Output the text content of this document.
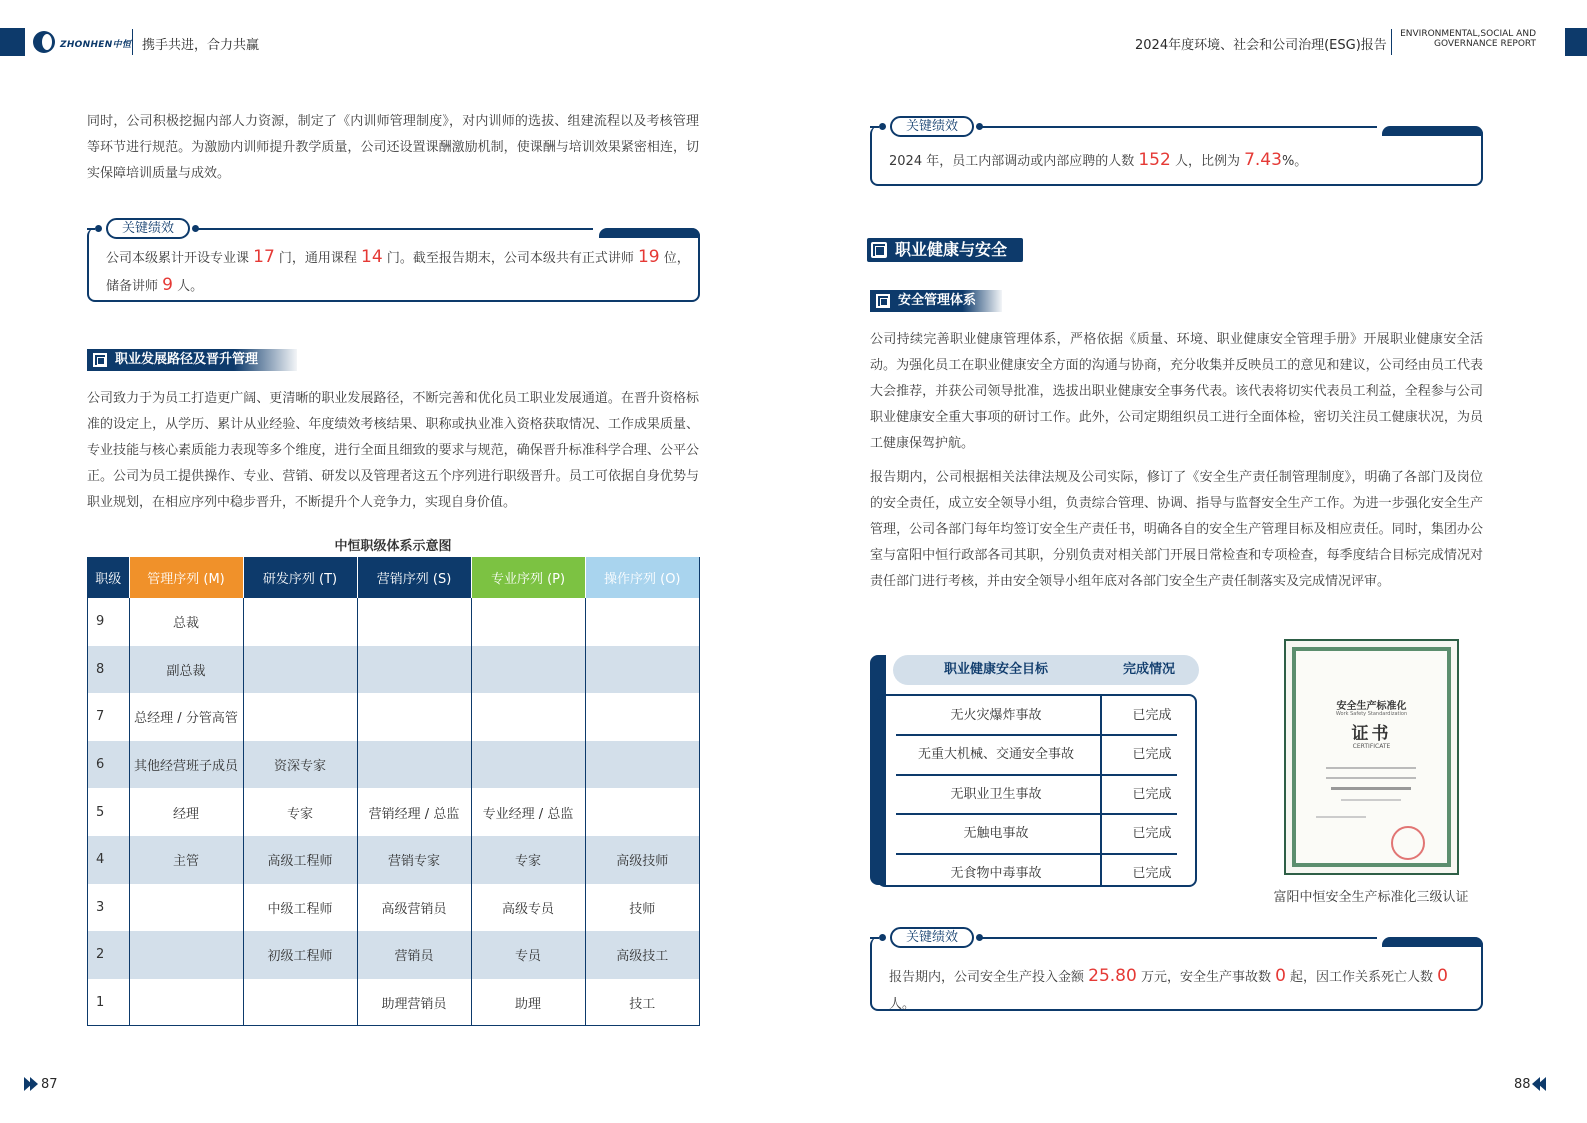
ZHONHEN中恒 携手共进，合力共赢	2024年度环境、社会和公司治理(ESG)报告
ENVIRONMENTAL,SOCIAL AND
GOVERNANCE REPORT
同时，公司积极挖掘内部人力资源，制定了《内训师管理制度》，对内训师的选拔、组建流程以及考核管理等环节进行规范。为激励内训师提升教学质量，公司还设置课酬激励机制，使课酬与培训效果紧密相连，切实保障培训质量与成效。
关键绩效
公司本级累计开设专业课 17 门，通用课程 14 门。截至报告期末，公司本级共有正式讲师 19 位，储备讲师 9 人。
职业发展路径及晋升管理
公司致力于为员工打造更广阔、更清晰的职业发展路径，不断完善和优化员工职业发展通道。在晋升资格标准的设定上，从学历、累计从业经验、年度绩效考核结果、职称或执业准入资格获取情况、工作成果质量、专业技能与核心素质能力表现等多个维度，进行全面且细致的要求与规范，确保晋升标准科学合理、公平公正。公司为员工提供操作、专业、营销、研发以及管理者这五个序列进行职级晋升。员工可依据自身优势与职业规划，在相应序列中稳步晋升，不断提升个人竞争力，实现自身价值。
中恒职级体系示意图
职级	管理序列 (M)	研发序列 (T)	营销序列 (S)	专业序列 (P)	操作序列 (O)
9	总裁				
8	副总裁				
7	总经理 / 分管高管				
6	其他经营班子成员	资深专家			
5	经理	专家	营销经理 / 总监	专业经理 / 总监	
4	主管	高级工程师	营销专家	专家	高级技师
3		中级工程师	高级营销员	高级专员	技师
2		初级工程师	营销员	专员	高级技工
1			助理营销员	助理	技工
87
关键绩效
2024 年，员工内部调动或内部应聘的人数 152 人，比例为 7.43%。
职业健康与安全
安全管理体系
公司持续完善职业健康管理体系，严格依据《质量、环境、职业健康安全管理手册》开展职业健康安全活动。为强化员工在职业健康安全方面的沟通与协商，充分收集并反映员工的意见和建议，公司经由员工代表大会推荐，并获公司领导批准，选拔出职业健康安全事务代表。该代表将切实代表员工利益，全程参与公司职业健康安全重大事项的研讨工作。此外，公司定期组织员工进行全面体检，密切关注员工健康状况，为员工健康保驾护航。
报告期内，公司根据相关法律法规及公司实际，修订了《安全生产责任制管理制度》，明确了各部门及岗位的安全责任，成立安全领导小组，负责综合管理、协调、指导与监督安全生产工作。为进一步强化安全生产管理，公司各部门每年均签订安全生产责任书，明确各自的安全生产管理目标及相应责任。同时，集团办公室与富阳中恒行政部各司其职，分别负责对相关部门开展日常检查和专项检查，每季度结合目标完成情况对责任部门进行考核，并由安全领导小组年底对各部门安全生产责任制落实及完成情况评审。
职业健康安全目标	完成情况
无火灾爆炸事故	已完成
无重大机械、交通安全事故	已完成
无职业卫生事故	已完成
无触电事故	已完成
无食物中毒事故	已完成
安全生产标准化
Work Safety Standardization
证书
CERTIFICATE
富阳中恒安全生产标准化三级认证
关键绩效
报告期内，公司安全生产投入金额 25.80 万元，安全生产事故数 0 起，因工作关系死亡人数 0 人。
88
